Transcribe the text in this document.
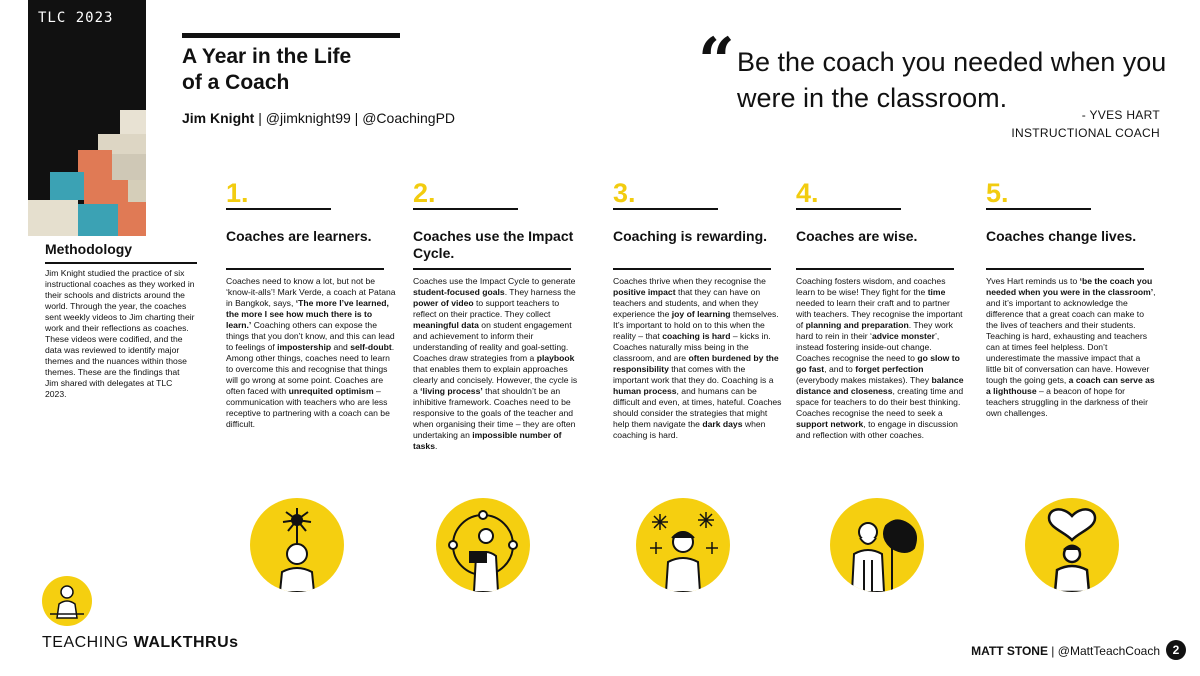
TLC 2023
A Year in the Life
of a Coach
Jim Knight | @jimknight99 | @CoachingPD
“ Be the coach you needed when you were in the classroom.
- YVES HART
INSTRUCTIONAL COACH
Methodology
Jim Knight studied the practice of six instructional coaches as they worked in their schools and districts around the world. Through the year, the coaches sent weekly videos to Jim charting their work and their reflections as coaches. These videos were codified, and the data was reviewed to identify major themes and the nuances within those themes. These are the findings that Jim shared with delegates at TLC 2023.
1.
Coaches are learners.
Coaches need to know a lot, but not be ‘know-it-alls’! Mark Verde, a coach at Patana in Bangkok, says, ‘The more I’ve learned, the more I see how much there is to learn.’ Coaching others can expose the things that you don’t know, and this can lead to feelings of impostership and self-doubt. Among other things, coaches need to learn to overcome this and recognise that things will go wrong at some point. Coaches are often faced with unrequited optimism – communication with teachers who are less receptive to partnering with a coach can be difficult.
2.
Coaches use the Impact Cycle.
Coaches use the Impact Cycle to generate student-focused goals. They harness the power of video to support teachers to reflect on their practice. They collect meaningful data on student engagement and achievement to inform their understanding of reality and goal-setting. Coaches draw strategies from a playbook that enables them to explain approaches clearly and concisely. However, the cycle is a ‘living process’ that shouldn’t be an inhibitive framework. Coaches need to be responsive to the goals of the teacher and when organising their time – they are often undertaking an impossible number of tasks.
3.
Coaching is rewarding.
Coaches thrive when they recognise the positive impact that they can have on teachers and students, and when they experience the joy of learning themselves. It’s important to hold on to this when the reality – that coaching is hard – kicks in. Coaches naturally miss being in the classroom, and are often burdened by the responsibility that comes with the important work that they do. Coaching is a human process, and humans can be difficult and even, at times, hateful. Coaches should consider the strategies that might help them navigate the dark days when coaching is hard.
4.
Coaches are wise.
Coaching fosters wisdom, and coaches learn to be wise! They fight for the time needed to learn their craft and to partner with teachers. They recognise the important of planning and preparation. They work hard to rein in their ‘advice monster’, instead fostering inside-out change. Coaches recognise the need to go slow to go fast, and to forget perfection (everybody makes mistakes). They balance distance and closeness, creating time and space for teachers to do their best thinking. Coaches recognise the need to seek a support network, to engage in discussion and reflection with other coaches.
5.
Coaches change lives.
Yves Hart reminds us to ‘be the coach you needed when you were in the classroom’, and it’s important to acknowledge the difference that a great coach can make to the lives of teachers and their students. Teaching is hard, exhausting and teachers can at times feel helpless. Don’t underestimate the massive impact that a little bit of conversation can have. However tough the going gets, a coach can serve as a lighthouse – a beacon of hope for teachers struggling in the darkness of their own challenges.
TEACHING WALKTHRUs	MATT STONE | @MattTeachCoach	2
